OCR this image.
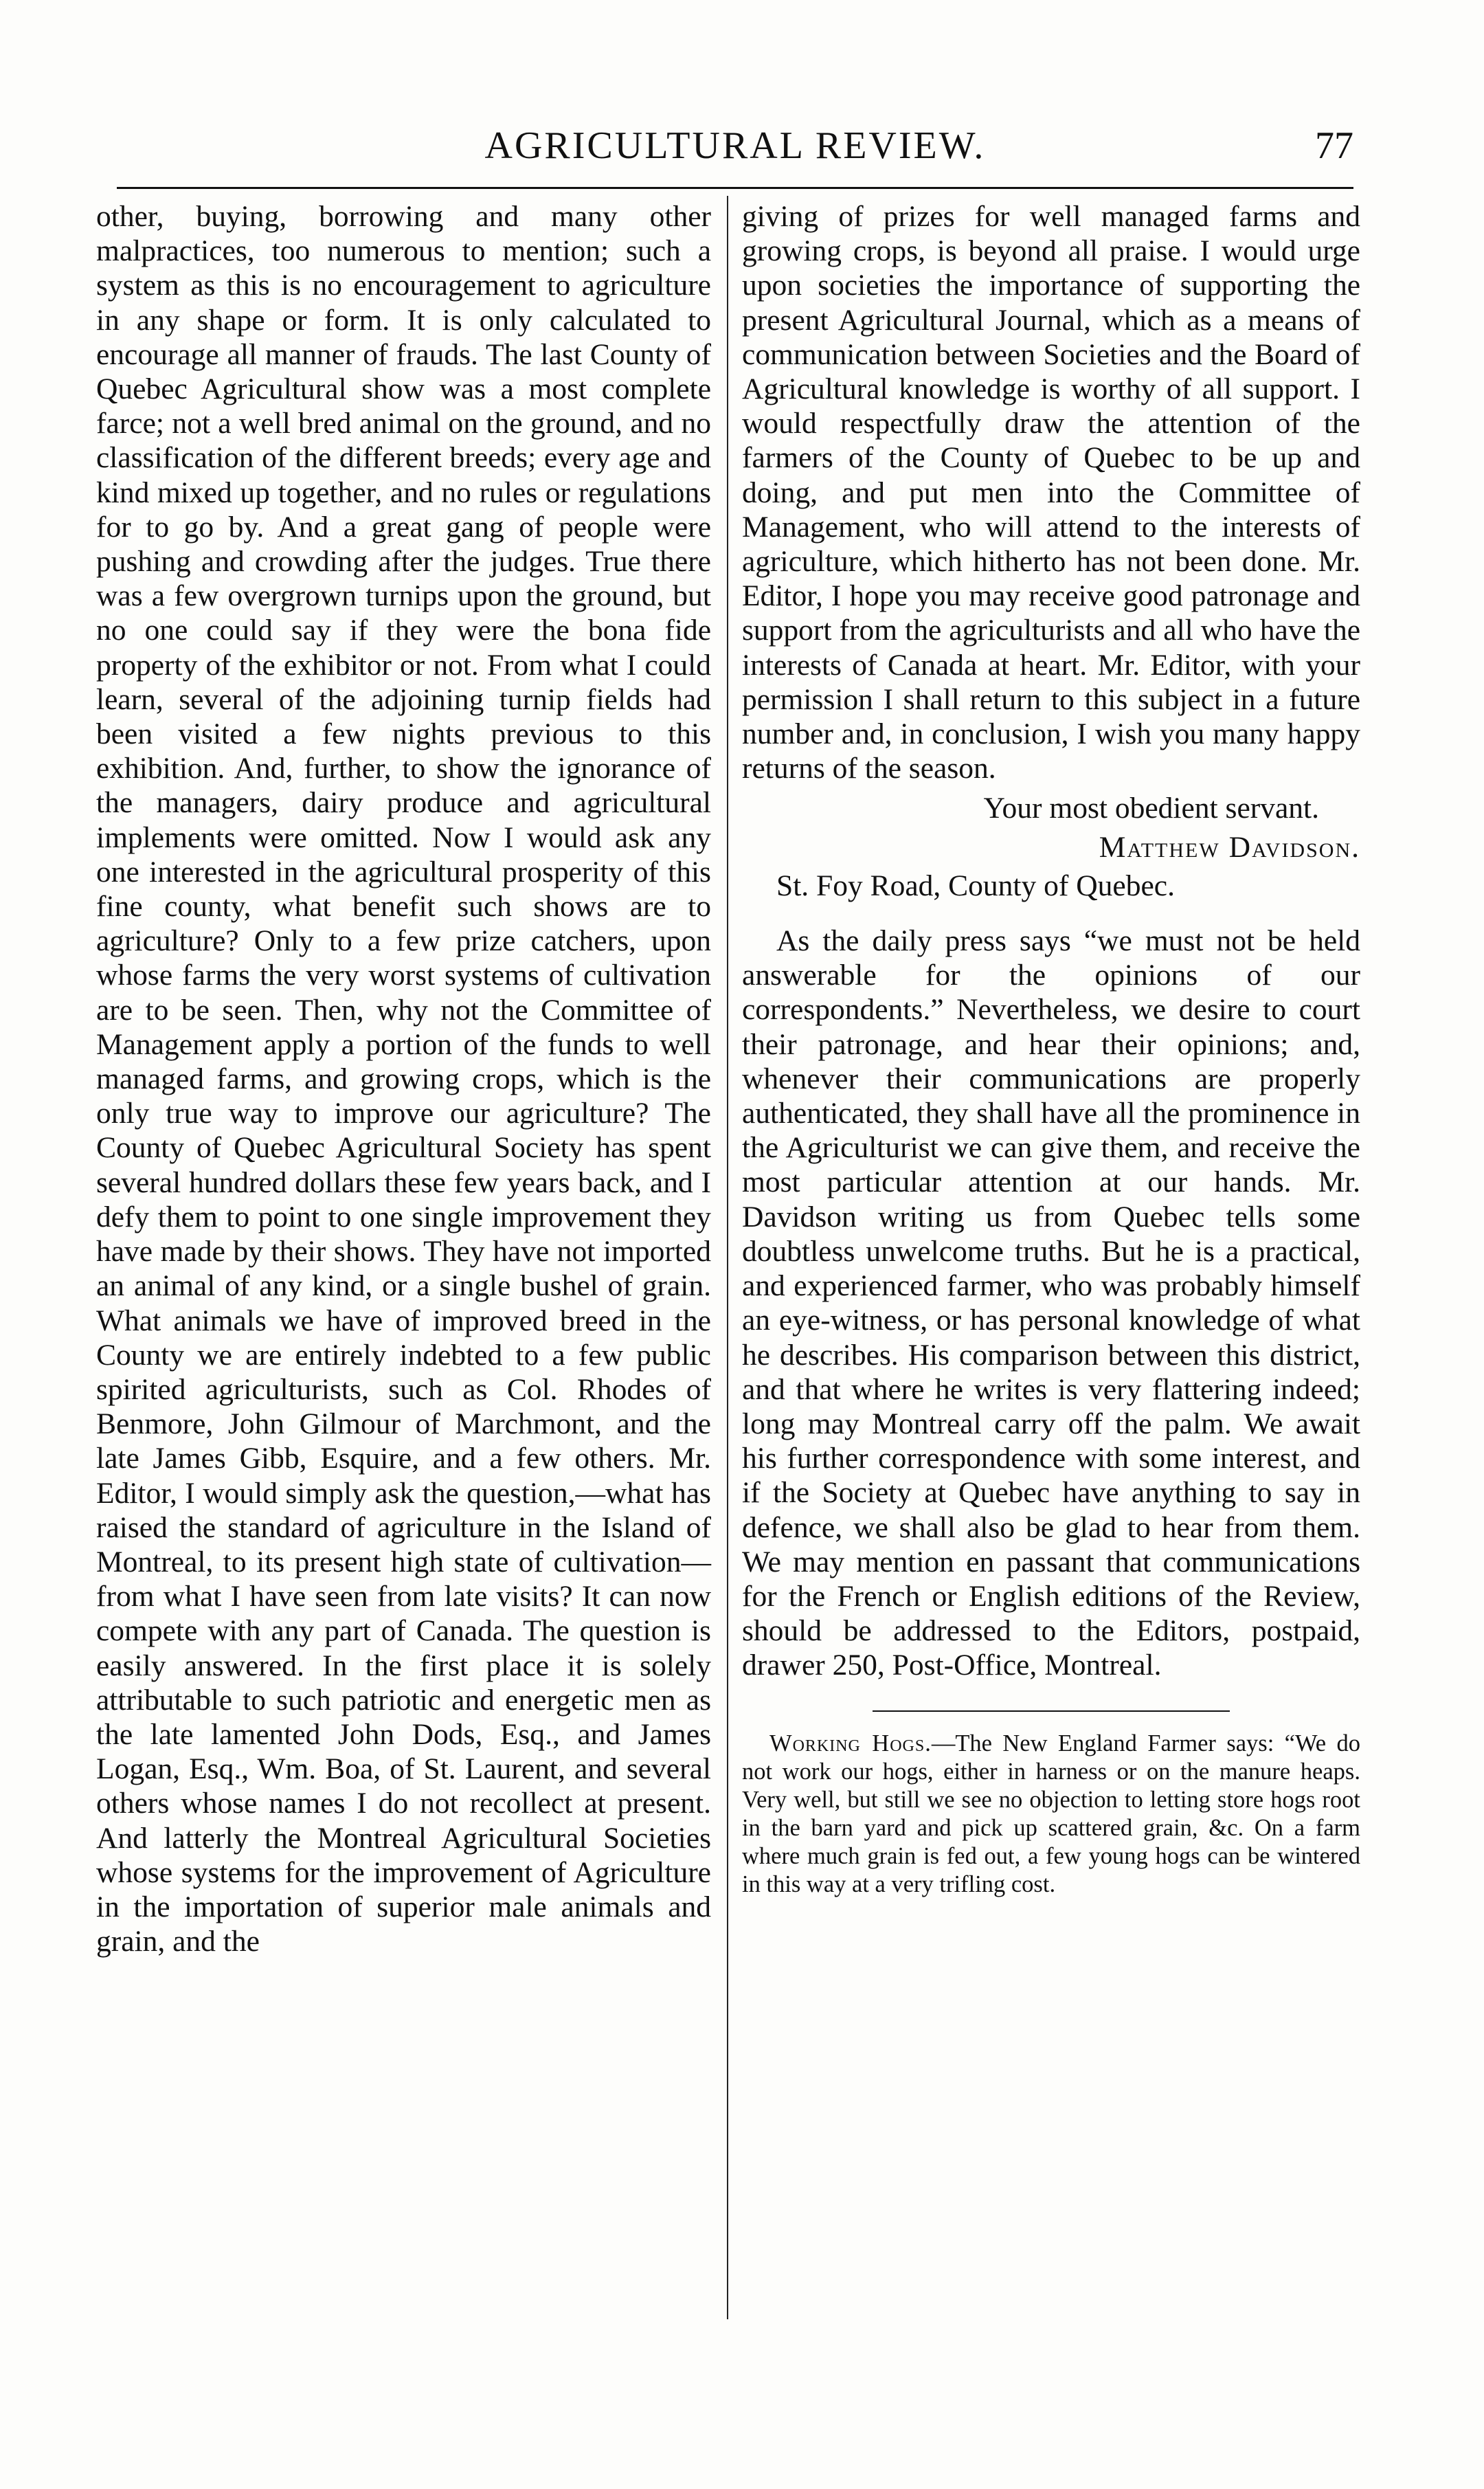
AGRICULTURAL REVIEW.	77

other, buying, borrowing and many other malpractices, too numerous to mention; such a system as this is no encouragement to agriculture in any shape or form. It is only calculated to encourage all manner of frauds. The last County of Quebec Agricultural show was a most complete farce; not a well bred animal on the ground, and no classification of the different breeds; every age and kind mixed up together, and no rules or regulations for to go by. And a great gang of people were pushing and crowding after the judges. True there was a few overgrown turnips upon the ground, but no one could say if they were the bona fide property of the exhibitor or not. From what I could learn, several of the adjoining turnip fields had been visited a few nights previous to this exhibition. And, further, to show the ignorance of the managers, dairy produce and agricultural implements were omitted. Now I would ask any one interested in the agricultural prosperity of this fine county, what benefit such shows are to agriculture? Only to a few prize catchers, upon whose farms the very worst systems of cultivation are to be seen. Then, why not the Committee of Management apply a portion of the funds to well managed farms, and growing crops, which is the only true way to improve our agriculture? The County of Quebec Agricultural Society has spent several hundred dollars these few years back, and I defy them to point to one single improvement they have made by their shows. They have not imported an animal of any kind, or a single bushel of grain. What animals we have of improved breed in the County we are entirely indebted to a few public spirited agriculturists, such as Col. Rhodes of Benmore, John Gilmour of Marchmont, and the late James Gibb, Esquire, and a few others. Mr. Editor, I would simply ask the question,—what has raised the standard of agriculture in the Island of Montreal, to its present high state of cultivation—from what I have seen from late visits? It can now compete with any part of Canada. The question is easily answered. In the first place it is solely attributable to such patriotic and energetic men as the late lamented John Dods, Esq., and James Logan, Esq., Wm. Boa, of St. Laurent, and several others whose names I do not recollect at present. And latterly the Montreal Agricultural Societies whose systems for the improvement of Agriculture in the importation of superior male animals and grain, and the

giving of prizes for well managed farms and growing crops, is beyond all praise. I would urge upon societies the importance of supporting the present Agricultural Journal, which as a means of communication between Societies and the Board of Agricultural knowledge is worthy of all support. I would respectfully draw the attention of the farmers of the County of Quebec to be up and doing, and put men into the Committee of Management, who will attend to the interests of agriculture, which hitherto has not been done. Mr. Editor, I hope you may receive good patronage and support from the agriculturists and all who have the interests of Canada at heart. Mr. Editor, with your permission I shall return to this subject in a future number and, in conclusion, I wish you many happy returns of the season.

Your most obedient servant.

Matthew Davidson.

St. Foy Road, County of Quebec.

As the daily press says “we must not be held answerable for the opinions of our correspondents.” Nevertheless, we desire to court their patronage, and hear their opinions; and, whenever their communications are properly authenticated, they shall have all the prominence in the Agriculturist we can give them, and receive the most particular attention at our hands. Mr. Davidson writing us from Quebec tells some doubtless unwelcome truths. But he is a practical, and experienced farmer, who was probably himself an eye-witness, or has personal knowledge of what he describes. His comparison between this district, and that where he writes is very flattering indeed; long may Montreal carry off the palm. We await his further correspondence with some interest, and if the Society at Quebec have anything to say in defence, we shall also be glad to hear from them. We may mention en passant that communications for the French or English editions of the Review, should be addressed to the Editors, postpaid, drawer 250, Post-Office, Montreal.

Working Hogs.—The New England Farmer says: “We do not work our hogs, either in harness or on the manure heaps. Very well, but still we see no objection to letting store hogs root in the barn yard and pick up scattered grain, &c. On a farm where much grain is fed out, a few young hogs can be wintered in this way at a very trifling cost.
